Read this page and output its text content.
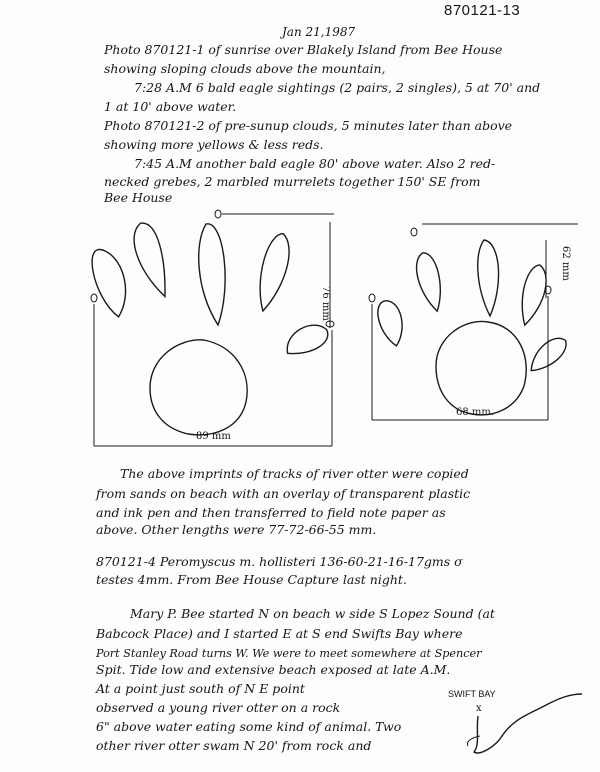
870121-13
Jan 21,1987
Photo 870121-1 of sunrise over Blakely Island from Bee House
showing sloping clouds above the mountain,
7:28 A.M 6 bald eagle sightings (2 pairs, 2 singles), 5 at 70' and
1 at 10' above water.
Photo 870121-2 of pre-sunup clouds, 5 minutes later than above
showing more yellows & less reds.
7:45 A.M another bald eagle 80' above water. Also 2 red-
necked grebes, 2 marbled murrelets together 150' SE from
Bee House
76 mm
89 mm
62 mm
68 mm.
The above imprints of tracks of river otter were copied
from sands on beach with an overlay of transparent plastic
and ink pen and then transferred to field note paper as
above. Other lengths were 77-72-66-55 mm.
870121-4 Peromyscus m. hollisteri 136-60-21-16-17gms σ
testes 4mm. From Bee House Capture last night.
Mary P. Bee started N on beach w side S Lopez Sound (at
Babcock Place) and I started E at S end Swifts Bay where
Port Stanley Road turns W. We were to meet somewhere at Spencer
Spit. Tide low and extensive beach exposed at late A.M.
At a point just south of N E point
observed a young river otter on a rock
6" above water eating some kind of animal. Two
other river otter swam N 20' from rock and
SWIFT BAY
x
